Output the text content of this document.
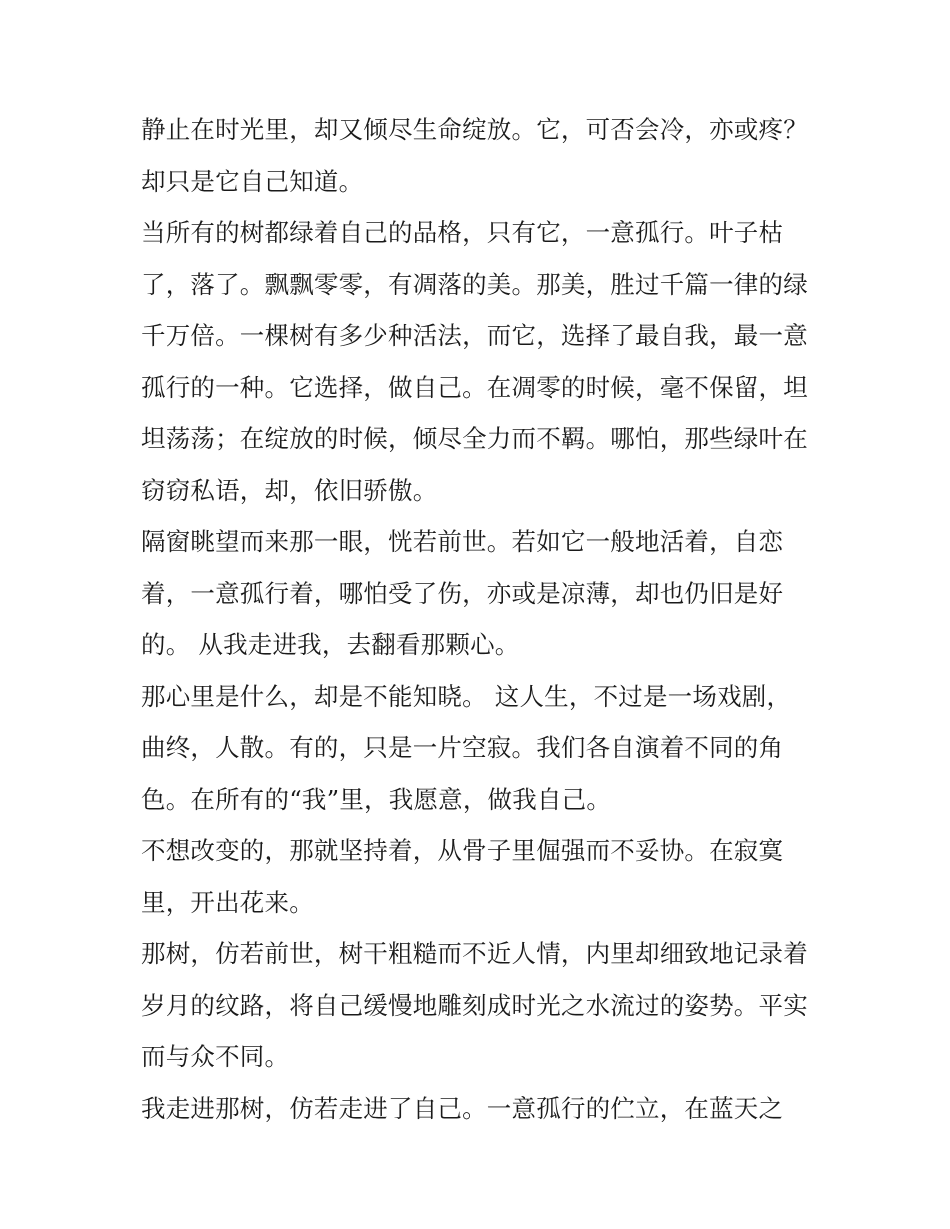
静止在时光里，却又倾尽生命绽放。它，可否会冷，亦或疼？
却只是它自己知道。
当所有的树都绿着自己的品格，只有它，一意孤行。叶子枯
了，落了。飘飘零零，有凋落的美。那美，胜过千篇一律的绿
千万倍。一棵树有多少种活法，而它，选择了最自我，最一意
孤行的一种。它选择，做自己。在凋零的时候，毫不保留，坦
坦荡荡；在绽放的时候，倾尽全力而不羁。哪怕，那些绿叶在
窃窃私语，却，依旧骄傲。
隔窗眺望而来那一眼，恍若前世。若如它一般地活着，自恋
着，一意孤行着，哪怕受了伤，亦或是凉薄，却也仍旧是好
的。 从我走进我，去翻看那颗心。
那心里是什么，却是不能知晓。 这人生，不过是一场戏剧，
曲终，人散。有的，只是一片空寂。我们各自演着不同的角
色。在所有的“我”里，我愿意，做我自己。
不想改变的，那就坚持着，从骨子里倔强而不妥协。在寂寞
里，开出花来。
那树，仿若前世，树干粗糙而不近人情，内里却细致地记录着
岁月的纹路，将自己缓慢地雕刻成时光之水流过的姿势。平实
而与众不同。
我走进那树，仿若走进了自己。一意孤行的伫立，在蓝天之
